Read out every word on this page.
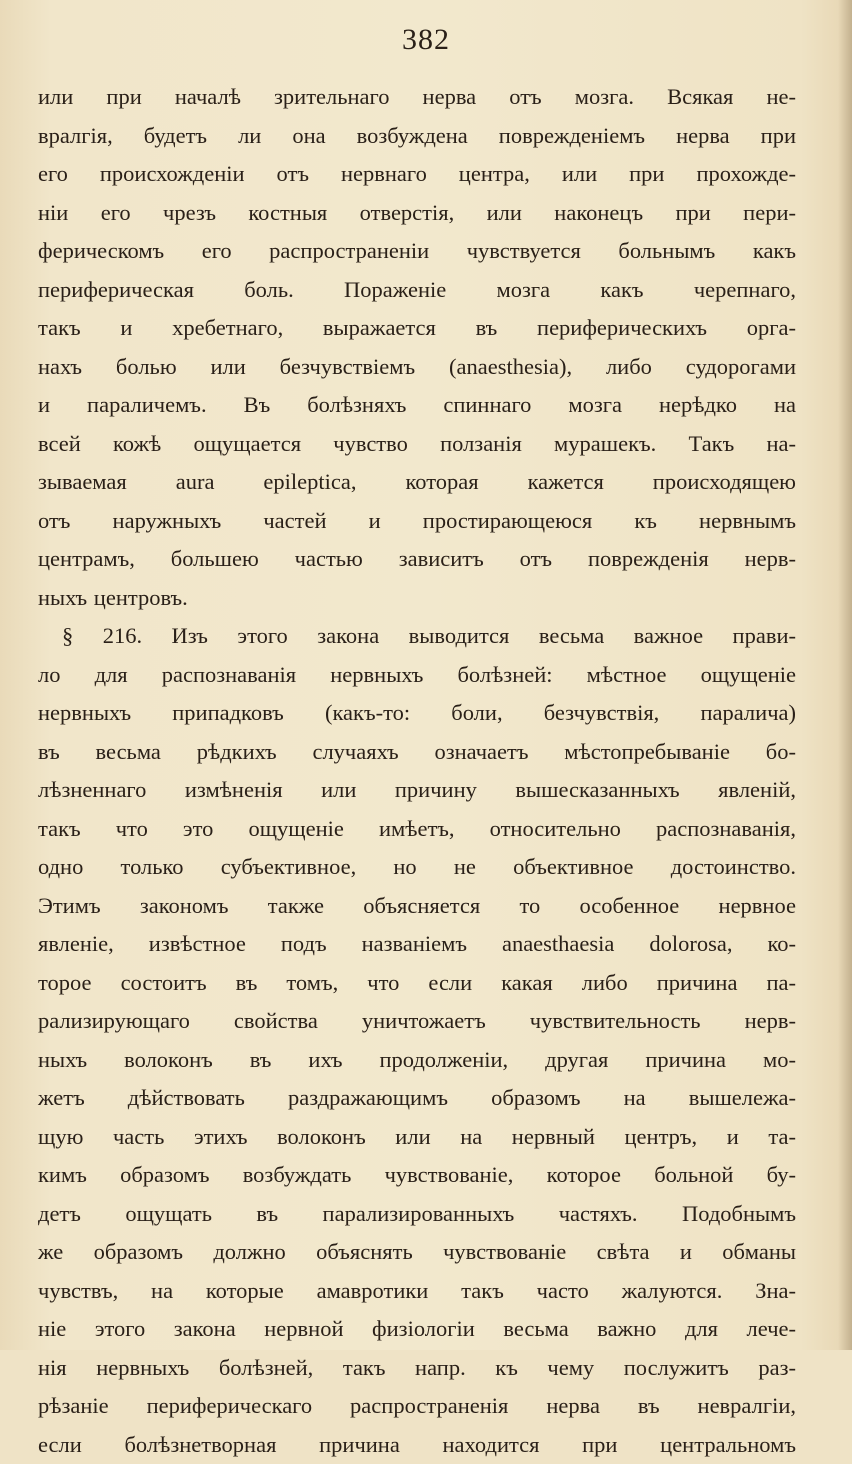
382
или при началѣ зрительнаго нерва отъ мозга. Всякая не-
вралгія, будетъ ли она возбуждена поврежденіемъ нерва при
его происхожденіи отъ нервнаго центра, или при прохожде-
ніи его чрезъ костныя отверстія, или наконецъ при пери-
ферическомъ его распространеніи чувствуется больнымъ какъ
периферическая боль. Пораженіе мозга какъ черепнаго,
такъ и хребетнаго, выражается въ периферическихъ орга-
нахъ болью или безчувствіемъ (anaesthesia), либо судорогами
и параличемъ. Въ болѣзняхъ спиннаго мозга нерѣдко на
всей кожѣ ощущается чувство ползанія мурашекъ. Такъ на-
зываемая aura epileptica, которая кажется происходящею
отъ наружныхъ частей и простирающеюся къ нервнымъ
центрамъ, большею частью зависитъ отъ поврежденія нерв-
ныхъ центровъ.
§ 216. Изъ этого закона выводится весьма важное прави-
ло для распознаванія нервныхъ болѣзней: мѣстное ощущеніе
нервныхъ припадковъ (какъ-то: боли, безчувствія, паралича)
въ весьма рѣдкихъ случаяхъ означаетъ мѣстопребываніе бо-
лѣзненнаго измѣненія или причину вышесказанныхъ явленій,
такъ что это ощущеніе имѣетъ, относительно распознаванія,
одно только субъективное, но не объективное достоинство.
Этимъ закономъ также объясняется то особенное нервное
явленіе, извѣстное подъ названіемъ anaesthaesia dolorosa, ко-
торое состоитъ въ томъ, что если какая либо причина па-
рализирующаго свойства уничтожаетъ чувствительность нерв-
ныхъ волоконъ въ ихъ продолженіи, другая причина мо-
жетъ дѣйствовать раздражающимъ образомъ на вышележа-
щую часть этихъ волоконъ или на нервный центръ, и та-
кимъ образомъ возбуждать чувствованіе, которое больной бу-
детъ ощущать въ парализированныхъ частяхъ. Подобнымъ
же образомъ должно объяснять чувствованіе свѣта и обманы
чувствъ, на которые амавротики такъ часто жалуются. Зна-
ніе этого закона нервной физіологіи весьма важно для лече-
нія нервныхъ болѣзней, такъ напр. къ чему послужитъ раз-
рѣзаніе периферическаго распространенія нерва въ невралгіи,
если болѣзнетворная причина находится при центральномъ
